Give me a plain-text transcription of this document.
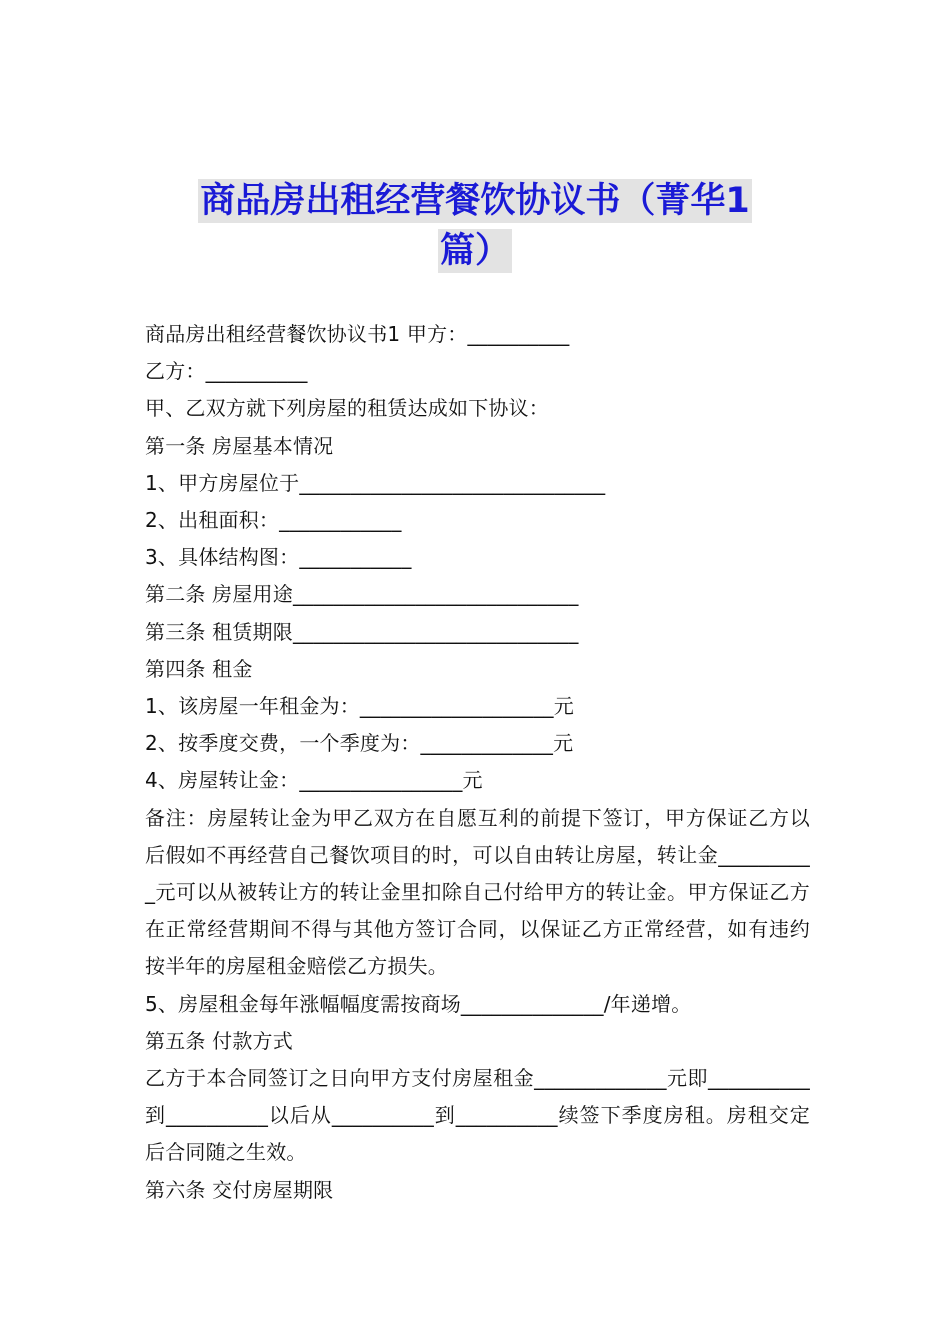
商品房出租经营餐饮协议书（菁华1
篇）

商品房出租经营餐饮协议书1 甲方：__________

乙方：__________

甲、乙双方就下列房屋的租赁达成如下协议：

第一条 房屋基本情况

1、甲方房屋位于______________________________

2、出租面积：____________

3、具体结构图：___________

第二条 房屋用途____________________________

第三条 租赁期限____________________________

第四条 租金

1、该房屋一年租金为：___________________元

2、按季度交费，一个季度为：_____________元

4、房屋转让金：________________元

备注：房屋转让金为甲乙双方在自愿互利的前提下签订，甲方保证乙方以后假如不再经营自己餐饮项目的时，可以自由转让房屋，转让金__________元可以从被转让方的转让金里扣除自己付给甲方的转让金。甲方保证乙方在正常经营期间不得与其他方签订合同，以保证乙方正常经营，如有违约按半年的房屋租金赔偿乙方损失。

5、房屋租金每年涨幅幅度需按商场______________/年递增。

第五条 付款方式

乙方于本合同签订之日向甲方支付房屋租金_____________元即__________到__________以后从__________到__________续签下季度房租。房租交定后合同随之生效。

第六条 交付房屋期限
